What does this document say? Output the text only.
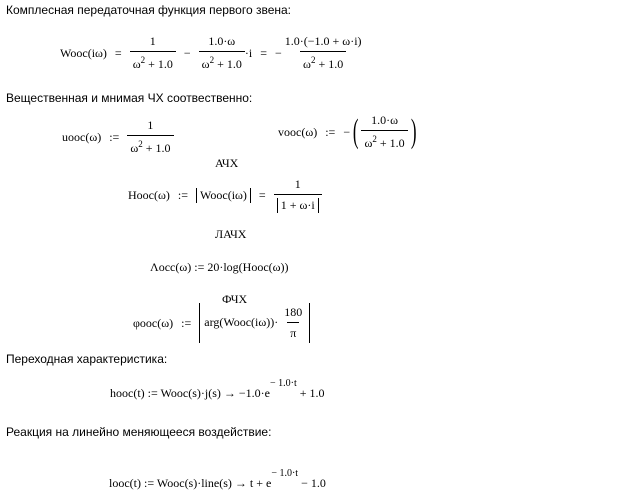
Комплесная передаточная функция первого звена:
Wooc(iω) = $\frac{1}{\omega^2 + 1.0} - \frac{1.0\cdot\omega}{\omega^2 + 1.0} \cdot i$ = − $\frac{1.0\cdot(-1.0 + \omega\cdot i)}{\omega^2 + 1.0}$
Вещественная и мнимая ЧХ соотвественно:
uooc(ω) := $\frac{1}{\omega^2 + 1.0}$	vooc(ω) := − ( $\frac{1.0\cdot\omega}{\omega^2 + 1.0}$ )
АЧХ
Hooc(ω) :=	Wooc(iω)	= $\frac{1}{1 + \omega\cdot i}$
ЛАЧХ
Λocc(ω) := 20·log(Hooc(ω))
ФЧХ
φooc(ω) :=	arg(Wooc(iω))· $\frac{180}{\pi}$
Переходная характеристика:
hooc(t) := Wooc(s)·j(s) → $-1.0\cdot e^{- 1.0\cdot t} + 1.0$
Реакция на линейно меняющееся воздействие:
looc(t) := Wooc(s)·line(s) → $t + e^{- 1.0\cdot t} - 1.0$
